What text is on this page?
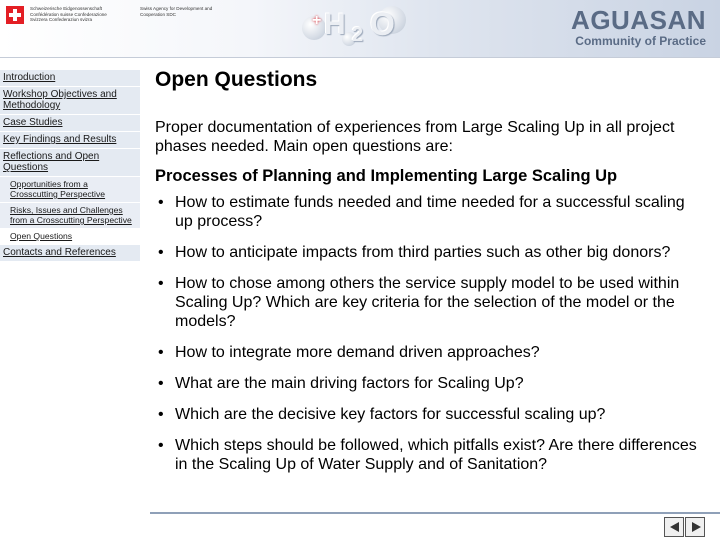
Schweizerische Eidgenossenschaft Confédération suisse Confederazione Svizzera Confederaziun svizra
Swiss Agency for Development and Cooperation SDC	+ H 2 O	AGUASAN
Community of Practice
Introduction
Workshop Objectives and Methodology
Case Studies
Key Findings and Results
Reflections and Open Questions
Opportunities from a Crosscutting Perspective
Risks, Issues and Challenges from a Crosscutting Perspective
Open Questions
Contacts and References
Open Questions

Proper documentation of experiences from Large Scaling Up in all project phases needed. Main open questions are:

Processes of Planning and Implementing Large Scaling Up
• How to estimate funds needed and time needed for a successful scaling up process?
• How to anticipate impacts from third parties such as other big donors?
• How to chose among others the service supply model to be used within Scaling Up? Which are key criteria for the selection of the model or the models?
• How to integrate more demand driven approaches?
• What are the main driving factors for Scaling Up?
• Which are the decisive key factors for successful scaling up?
• Which steps should be followed, which pitfalls exist? Are there differences in the Scaling Up of Water Supply and of Sanitation?
